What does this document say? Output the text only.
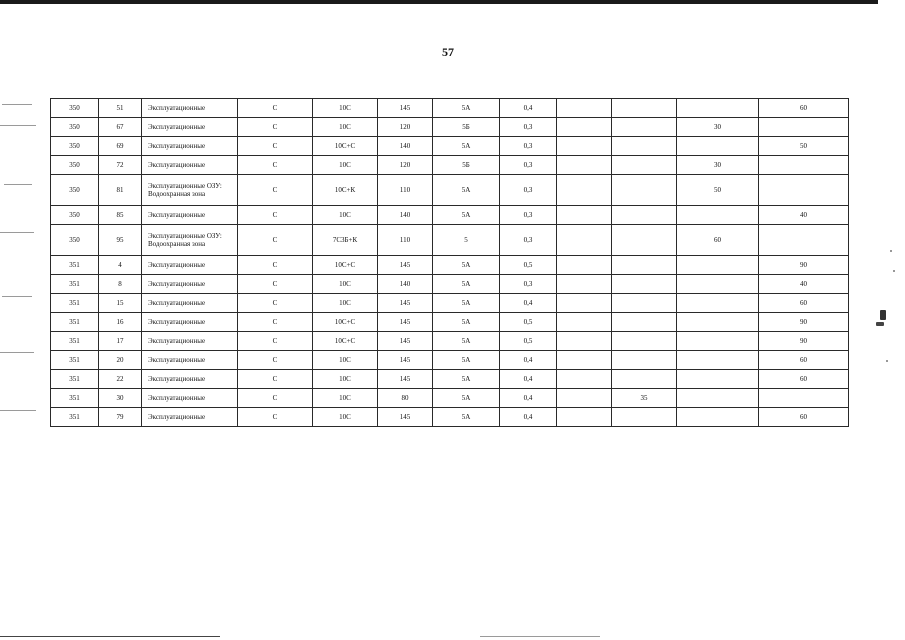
57
350	51	Эксплуатационные	С	10С	145	5А	0,4				60
350	67	Эксплуатационные	С	10С	120	5Б	0,3			30	
350	69	Эксплуатационные	С	10С+С	140	5А	0,3				50
350	72	Эксплуатационные	С	10С	120	5Б	0,3			30	
350	81	Эксплуатационные ОЗУ: Водоохранная зона	С	10С+К	110	5А	0,3			50	
350	85	Эксплуатационные	С	10С	140	5А	0,3				40
350	95	Эксплуатационные ОЗУ: Водоохранная зона	С	7С3Б+К	110	5	0,3			60	
351	4	Эксплуатационные	С	10С+С	145	5А	0,5				90
351	8	Эксплуатационные	С	10С	140	5А	0,3				40
351	15	Эксплуатационные	С	10С	145	5А	0,4				60
351	16	Эксплуатационные	С	10С+С	145	5А	0,5				90
351	17	Эксплуатационные	С	10С+С	145	5А	0,5				90
351	20	Эксплуатационные	С	10С	145	5А	0,4				60
351	22	Эксплуатационные	С	10С	145	5А	0,4				60
351	30	Эксплуатационные	С	10С	80	5А	0,4		35		
351	79	Эксплуатационные	С	10С	145	5А	0,4				60
